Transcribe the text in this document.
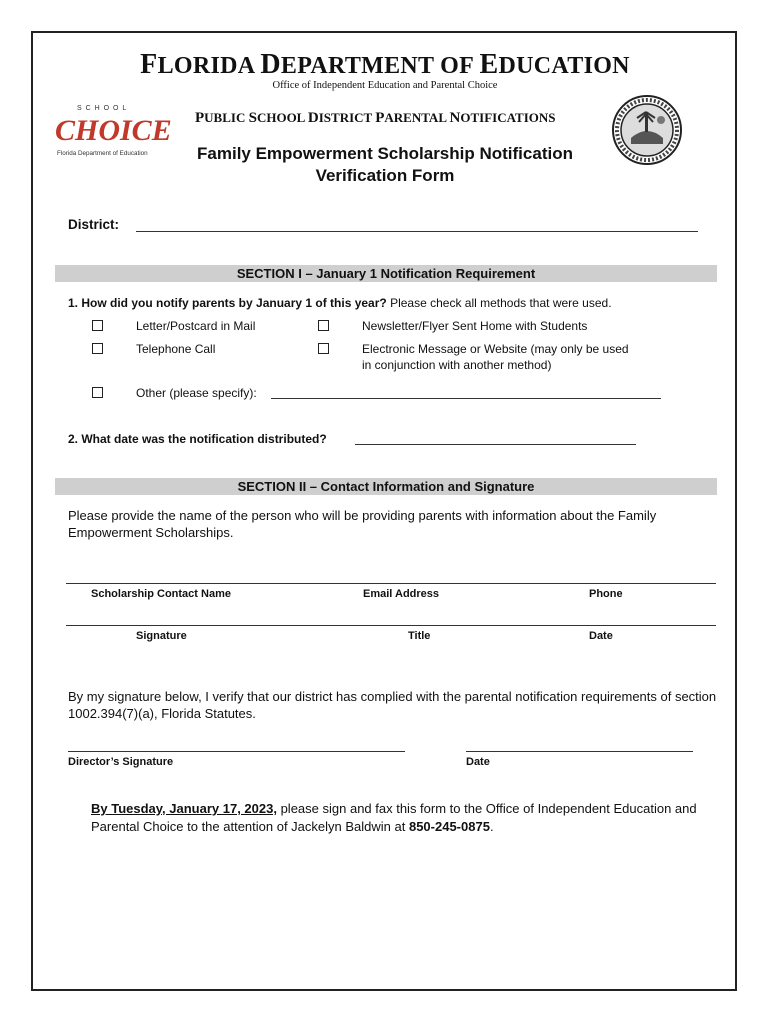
FLORIDA DEPARTMENT OF EDUCATION
Office of Independent Education and Parental Choice
S C H O O L
CHOICE
Florida Department of Education
PUBLIC SCHOOL DISTRICT PARENTAL NOTIFICATIONS
Family Empowerment Scholarship Notification
Verification Form
District:
SECTION I – January 1 Notification Requirement
1. How did you notify parents by January 1 of this year? Please check all methods that were used.
Letter/Postcard in Mail	Newsletter/Flyer Sent Home with Students
Telephone Call	Electronic Message or Website (may only be used
in conjunction with another method)
Other (please specify):
2. What date was the notification distributed?
SECTION II – Contact Information and Signature
Please provide the name of the person who will be providing parents with information about the Family Empowerment Scholarships.
Scholarship Contact Name	Email Address	Phone
Signature	Title	Date
By my signature below, I verify that our district has complied with the parental notification requirements of section 1002.394(7)(a), Florida Statutes.
Director’s Signature	Date
By Tuesday, January 17, 2023, please sign and fax this form to the Office of Independent Education and Parental Choice to the attention of Jackelyn Baldwin at 850-245-0875.
